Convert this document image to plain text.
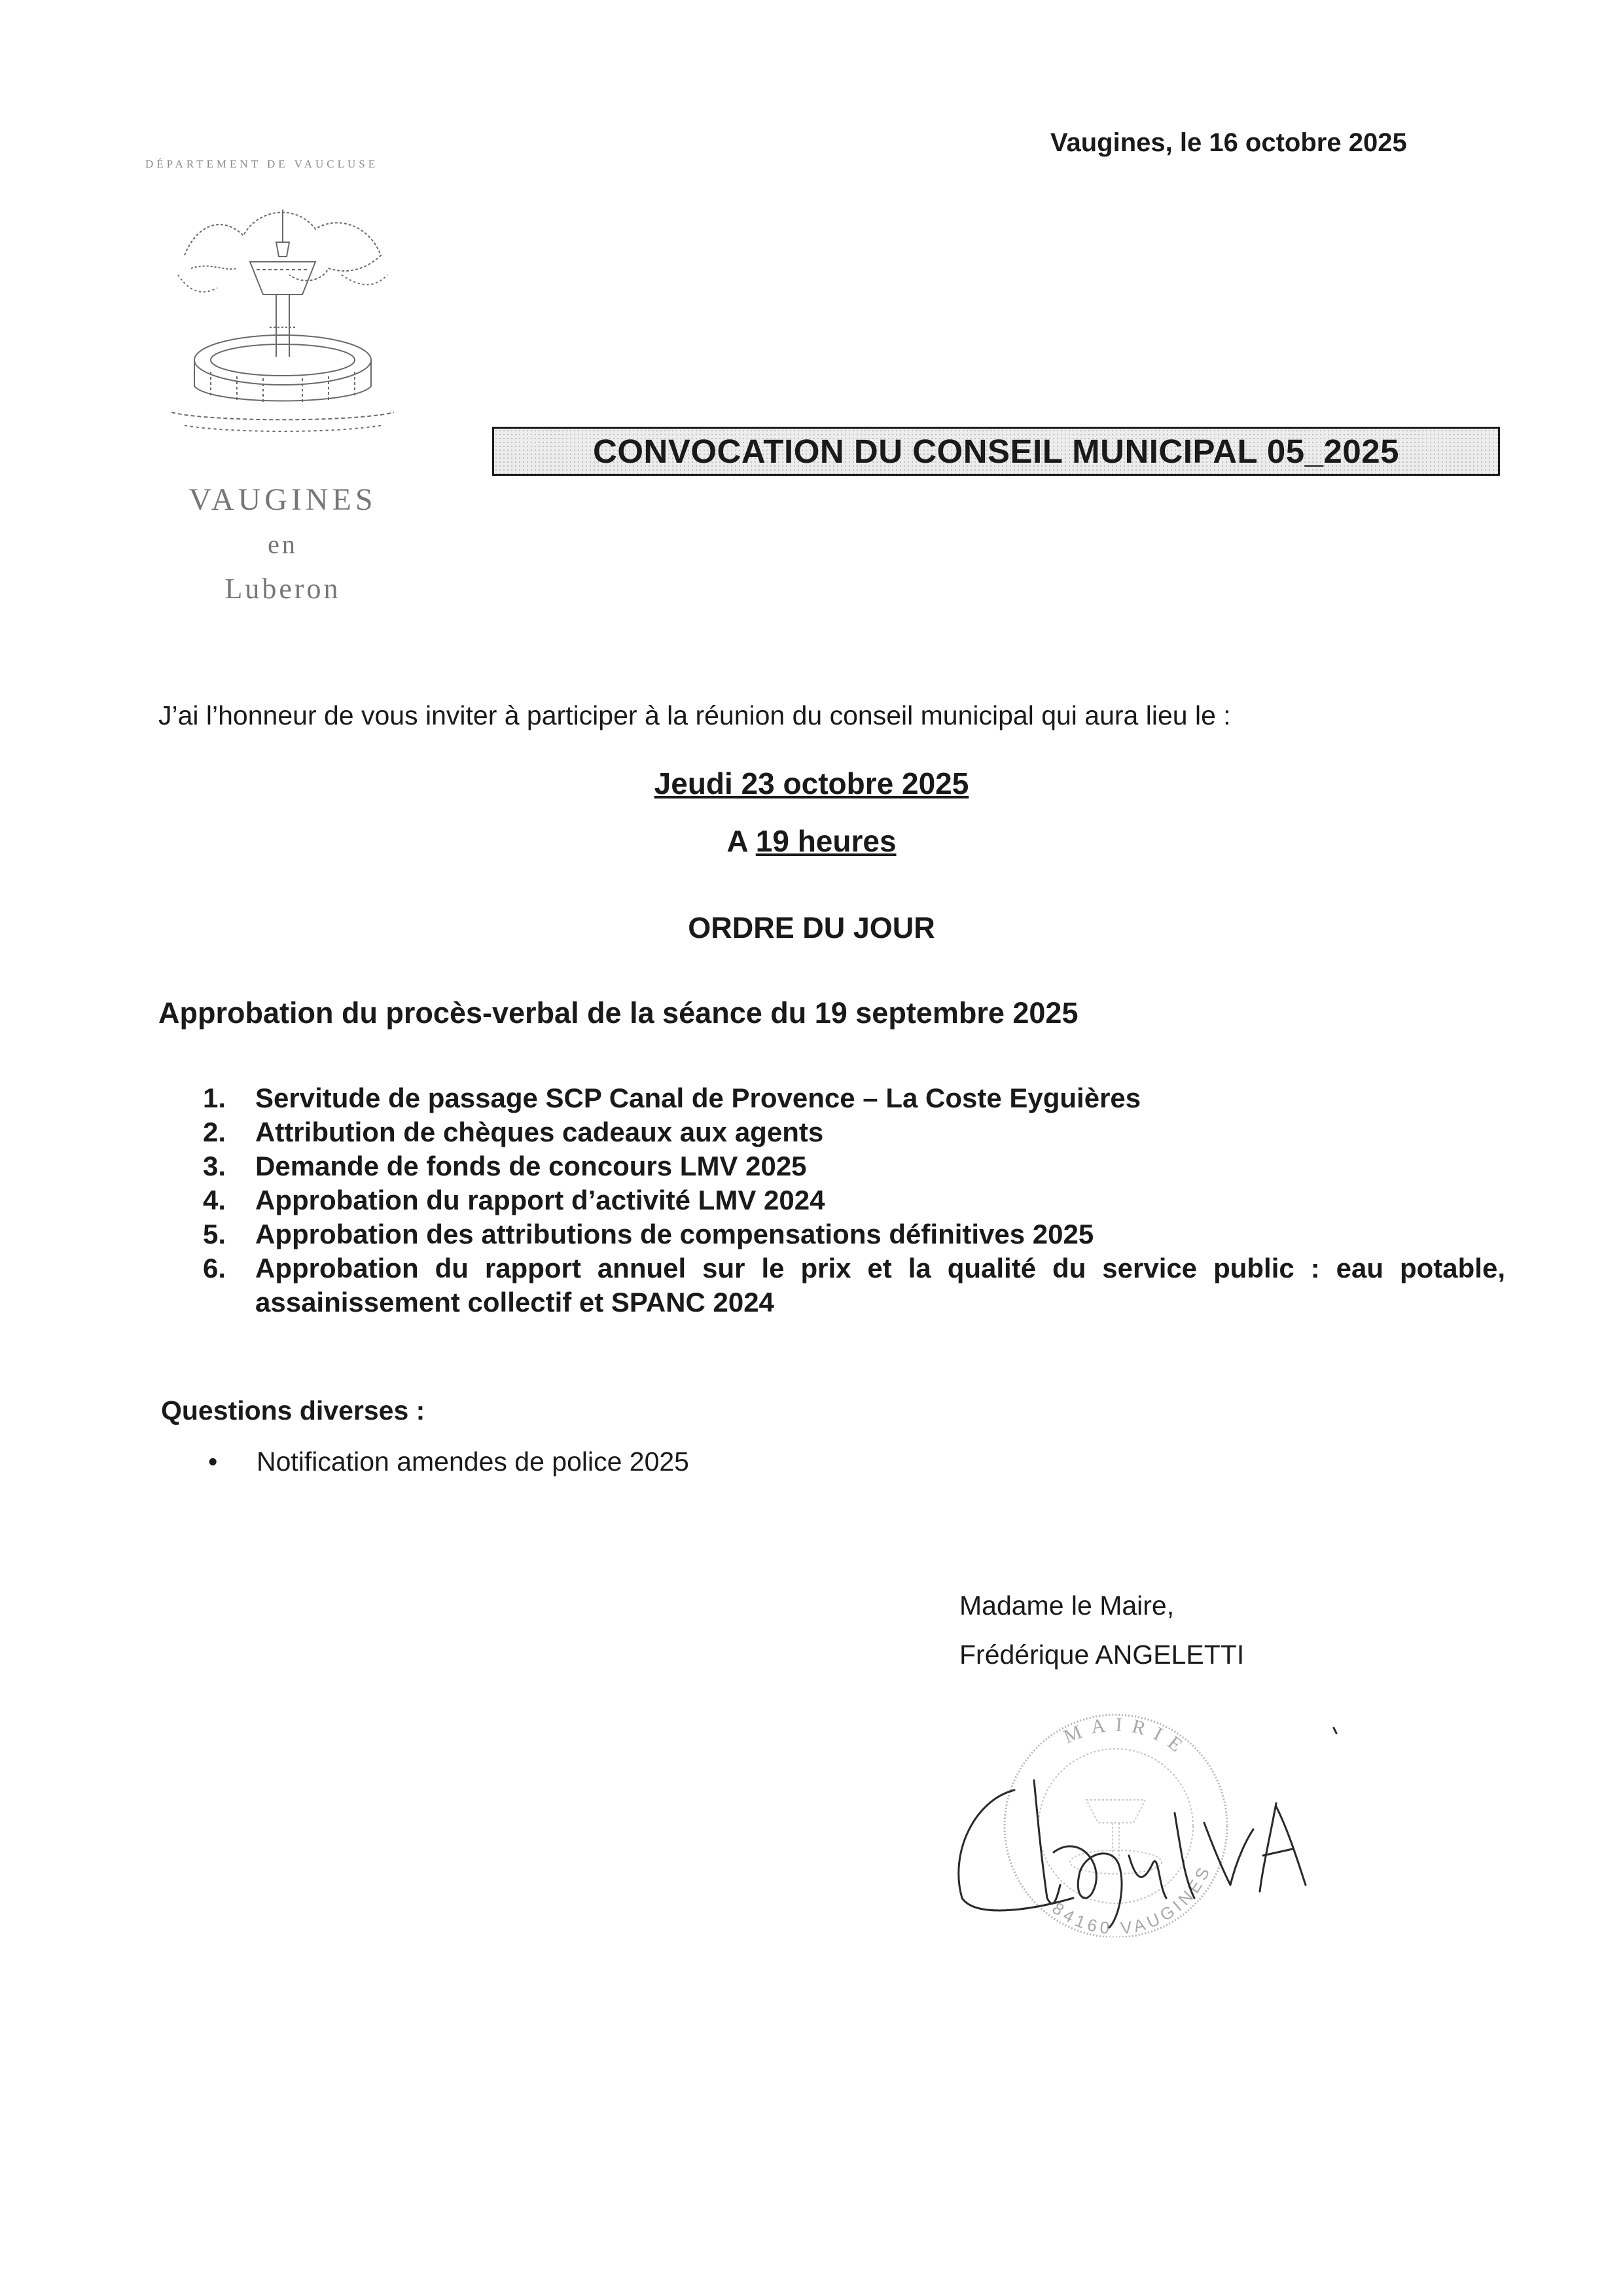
Vaugines, le 16 octobre 2025
DÉPARTEMENT DE VAUCLUSE
VAUGINES
en
Luberon
CONVOCATION DU CONSEIL MUNICIPAL 05_2025
J’ai l’honneur de vous inviter à participer à la réunion du conseil municipal qui aura lieu le :
Jeudi 23 octobre 2025
A 19 heures
ORDRE DU JOUR
Approbation du procès-verbal de la séance du 19 septembre 2025
1.	Servitude de passage SCP Canal de Provence – La Coste Eyguières
2.	Attribution de chèques cadeaux aux agents
3.	Demande de fonds de concours LMV 2025
4.	Approbation du rapport d’activité LMV 2024
5.	Approbation des attributions de compensations définitives 2025
6.	Approbation du rapport annuel sur le prix et la qualité du service public : eau potable, assainissement collectif et SPANC 2024
Questions diverses :
•	Notification amendes de police 2025
Madame le Maire,
Frédérique ANGELETTI
MAIRIE
84160 VAUGINES
